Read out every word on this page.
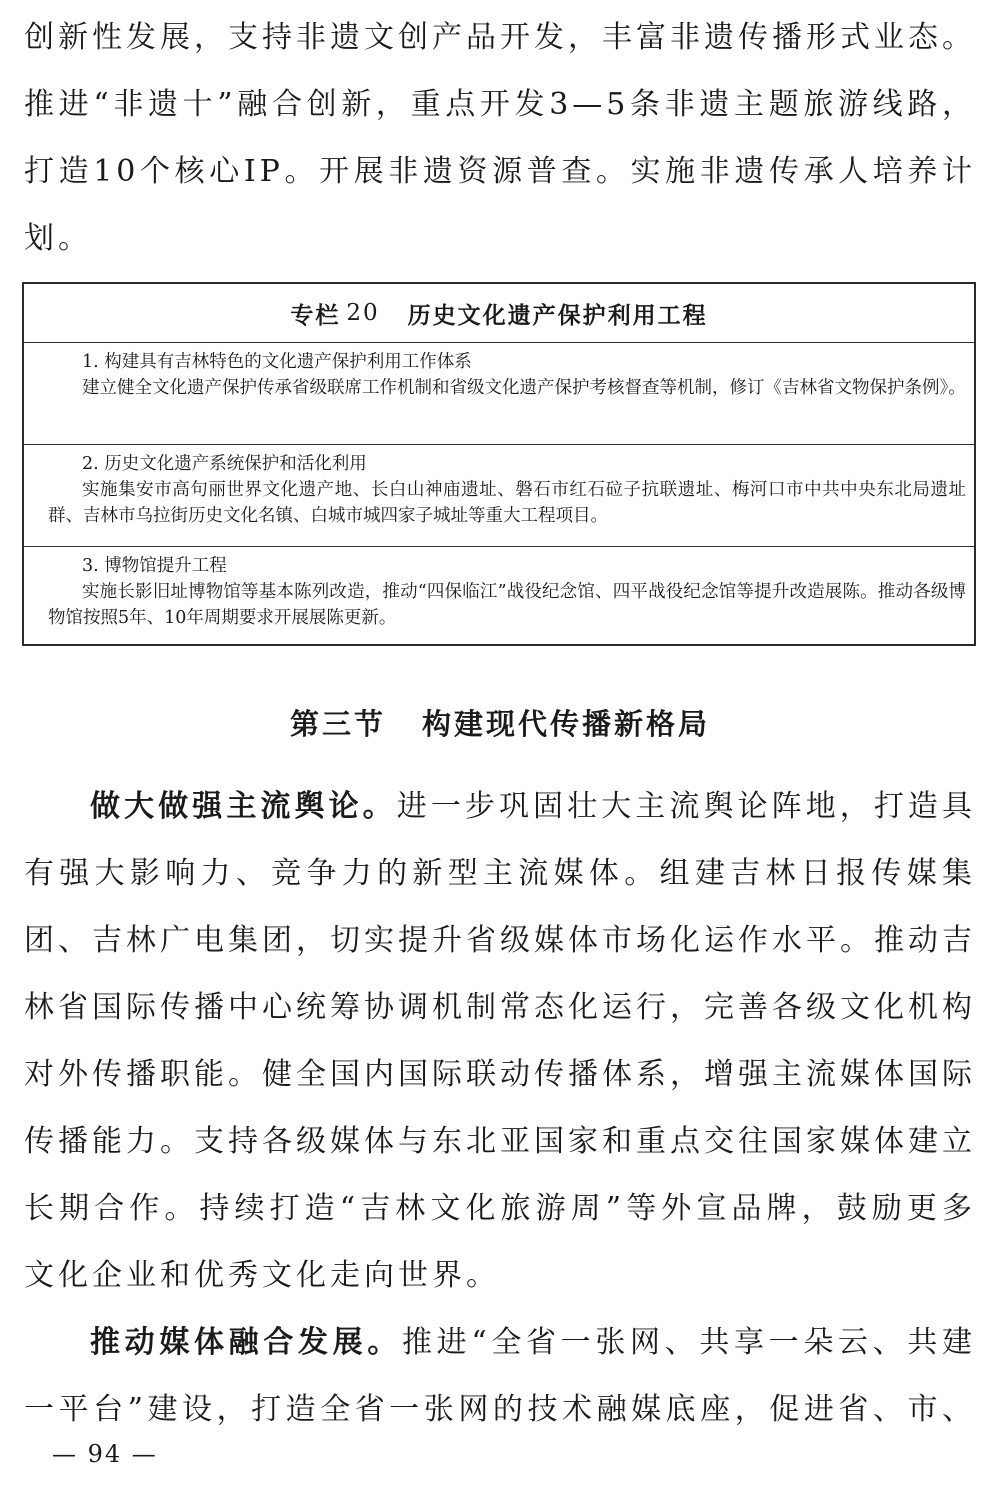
创新性发展，支持非遗文创产品开发，丰富非遗传播形式业态。
推进“非遗十”融合创新，重点开发3—5条非遗主题旅游线路，
打造10个核心IP。开展非遗资源普查。实施非遗传承人培养计
划。
专栏 20 历史文化遗产保护利用工程
1. 构建具有吉林特色的文化遗产保护利用工作体系
建立健全文化遗产保护传承省级联席工作机制和省级文化遗产保护考核督查等机制，修订《吉林省文物保护条例》。
2. 历史文化遗产系统保护和活化利用
实施集安市高句丽世界文化遗产地、长白山神庙遗址、磐石市红石砬子抗联遗址、梅河口市中共中央东北局遗址群、吉林市乌拉街历史文化名镇、白城市城四家子城址等重大工程项目。
3. 博物馆提升工程
实施长影旧址博物馆等基本陈列改造，推动“四保临江”战役纪念馆、四平战役纪念馆等提升改造展陈。推动各级博物馆按照5年、10年周期要求开展展陈更新。
第三节 构建现代传播新格局
做大做强主流舆论。进一步巩固壮大主流舆论阵地，打造具
有强大影响力、竞争力的新型主流媒体。组建吉林日报传媒集
团、吉林广电集团，切实提升省级媒体市场化运作水平。推动吉
林省国际传播中心统筹协调机制常态化运行，完善各级文化机构
对外传播职能。健全国内国际联动传播体系，增强主流媒体国际
传播能力。支持各级媒体与东北亚国家和重点交往国家媒体建立
长期合作。持续打造“吉林文化旅游周”等外宣品牌，鼓励更多
文化企业和优秀文化走向世界。
推动媒体融合发展。推进“全省一张网、共享一朵云、共建
一平台”建设，打造全省一张网的技术融媒底座，促进省、市、
— 94 —
